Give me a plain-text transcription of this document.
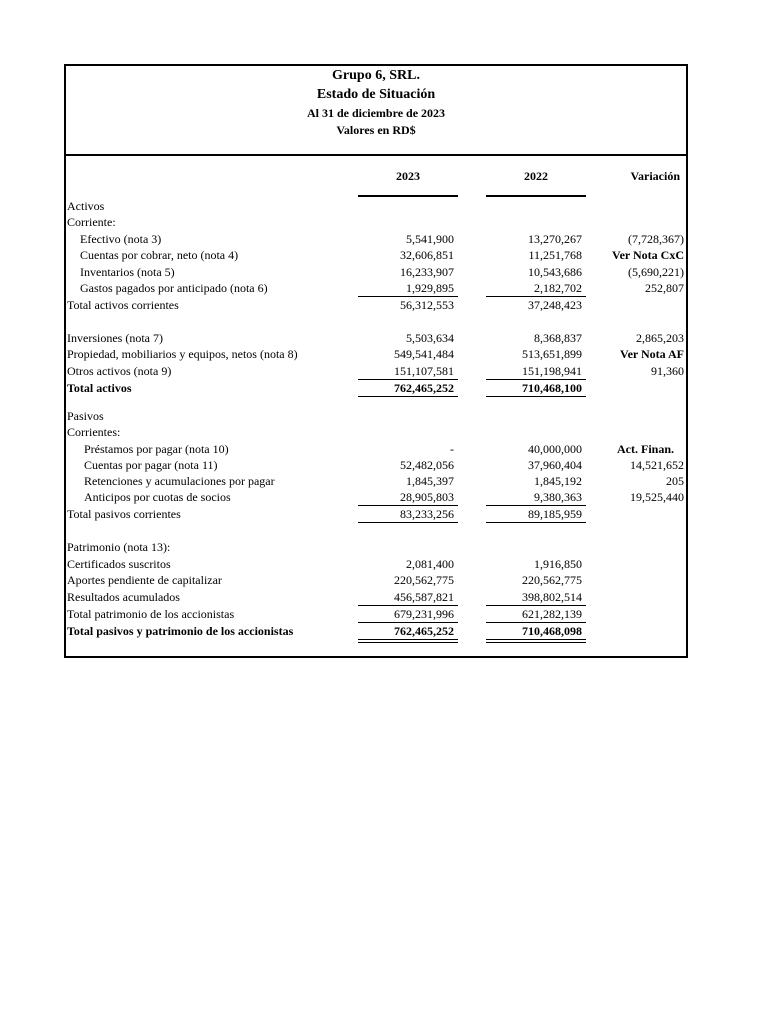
Grupo 6, SRL.
Estado de Situación
Al 31 de diciembre de 2023
Valores en RD$
2023	2022	Variación
Activos
Corriente:
Efectivo (nota 3)	5,541,900	13,270,267	(7,728,367)
Cuentas por cobrar, neto (nota 4)	32,606,851	11,251,768	Ver Nota CxC
Inventarios (nota 5)	16,233,907	10,543,686	(5,690,221)
Gastos pagados por anticipado (nota 6)	1,929,895	2,182,702	252,807
Total activos corrientes	56,312,553	37,248,423
Inversiones (nota 7)	5,503,634	8,368,837	2,865,203
Propiedad, mobiliarios y equipos, netos (nota 8)	549,541,484	513,651,899	Ver Nota AF
Otros activos (nota 9)	151,107,581	151,198,941	91,360
Total activos	762,465,252	710,468,100
Pasivos
Corrientes:
Préstamos por pagar (nota 10)	-	40,000,000	Act. Finan.
Cuentas por pagar (nota 11)	52,482,056	37,960,404	14,521,652
Retenciones y acumulaciones por pagar	1,845,397	1,845,192	205
Anticipos por cuotas de socios	28,905,803	9,380,363	19,525,440
Total pasivos corrientes	83,233,256	89,185,959
Patrimonio (nota 13):
Certificados suscritos	2,081,400	1,916,850
Aportes pendiente de capitalizar	220,562,775	220,562,775
Resultados acumulados	456,587,821	398,802,514
Total patrimonio de los accionistas	679,231,996	621,282,139
Total pasivos y patrimonio de los accionistas	762,465,252	710,468,098
